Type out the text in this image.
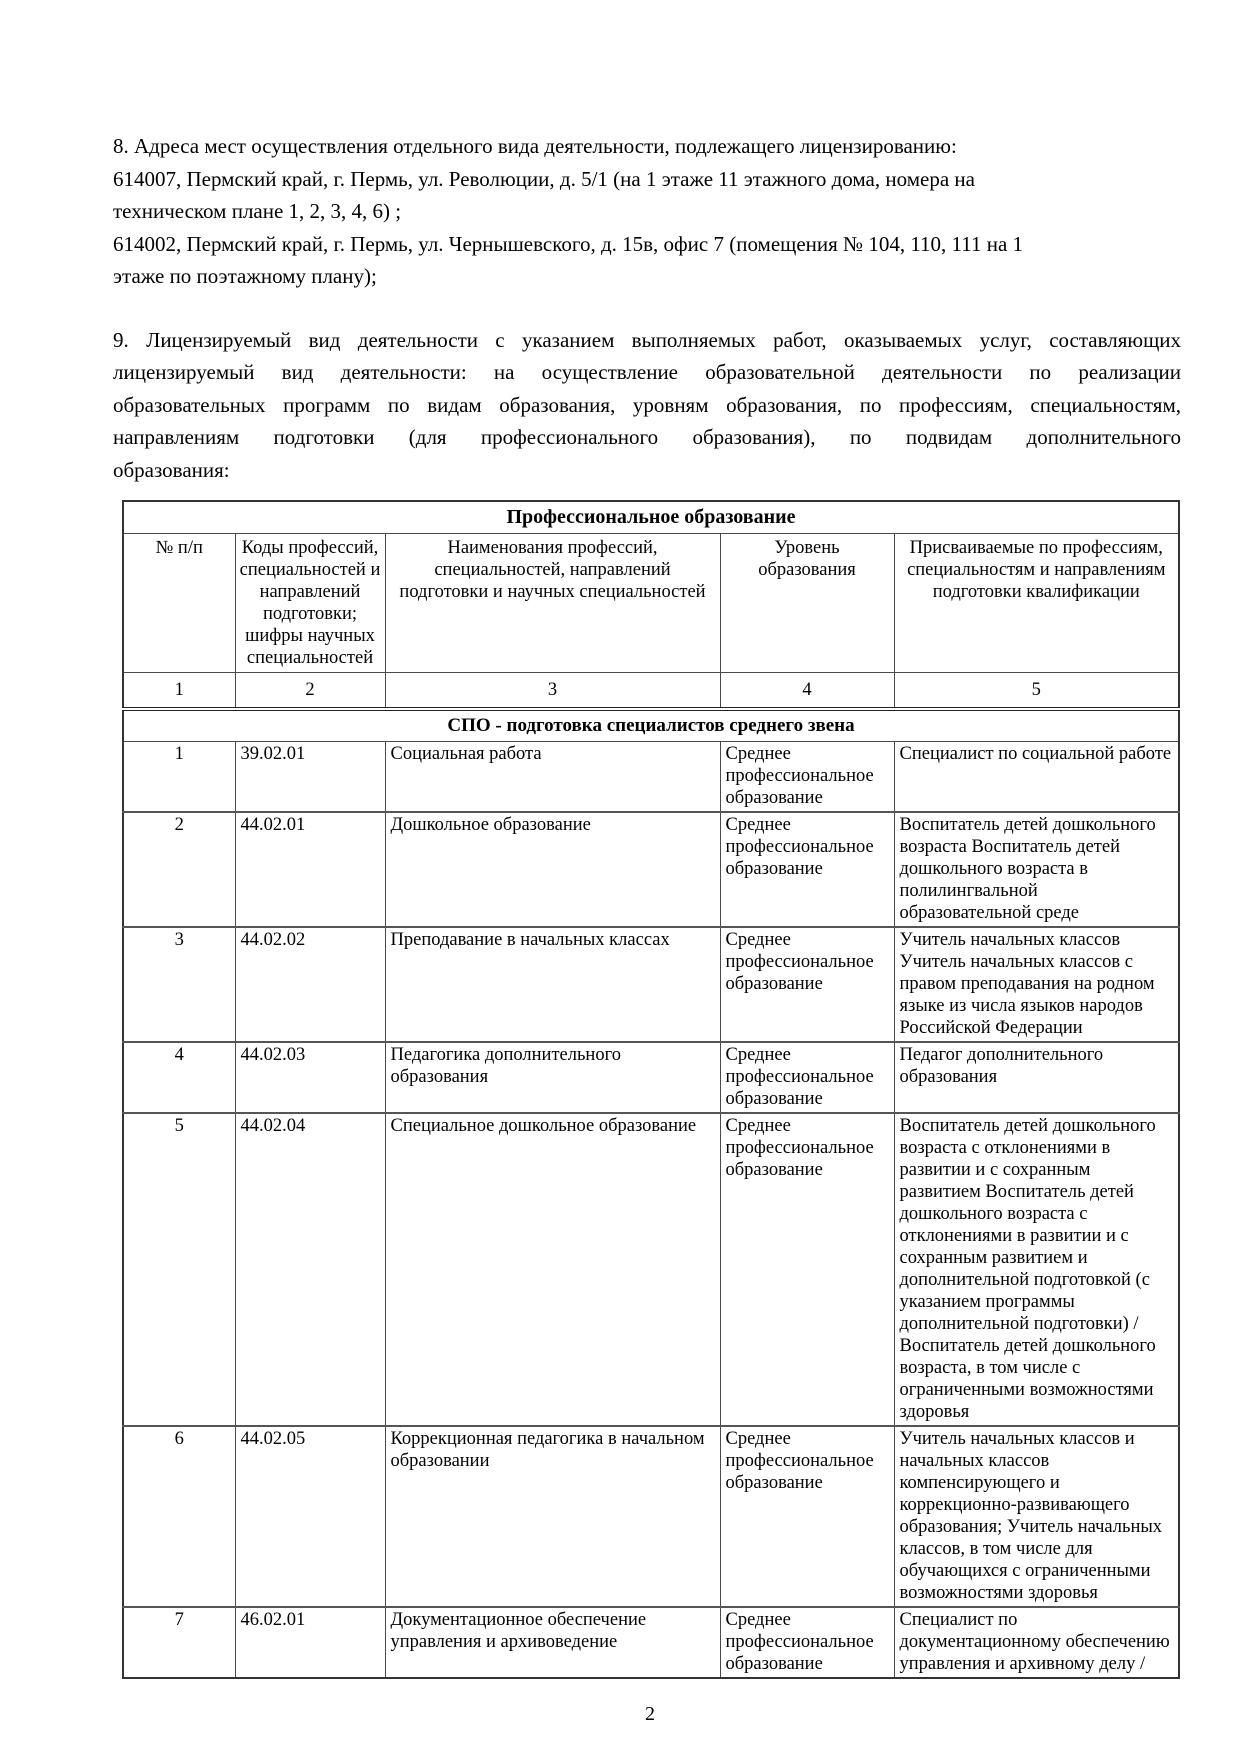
8. Адреса мест осуществления отдельного вида деятельности, подлежащего лицензированию:
614007, Пермский край, г. Пермь, ул. Революции, д. 5/1 (на 1 этаже 11 этажного дома, номера на
техническом плане 1, 2, 3, 4, 6) ;
614002, Пермский край, г. Пермь, ул. Чернышевского, д. 15в, офис 7 (помещения № 104, 110, 111 на 1
этаже по поэтажному плану);
9. Лицензируемый вид деятельности с указанием выполняемых работ, оказываемых услуг, составляющих
лицензируемый вид деятельности: на осуществление образовательной деятельности по реализации
образовательных программ по видам образования, уровням образования, по профессиям, специальностям,
направлениям подготовки (для профессионального образования), по подвидам дополнительного
образования:
Профессиональное образование				
№ п/п	Коды профессий, специальностей и направлений подготовки; шифры научных специальностей	Наименования профессий, специальностей, направлений подготовки и научных специальностей	Уровень образования	Присваиваемые по профессиям, специальностям и направлениям подготовки квалификации
1	2	3	4	5
СПО - подготовка специалистов среднего звена				
1	39.02.01	Социальная работа	Среднее профессиональное образование	Специалист по социальной работе
2	44.02.01	Дошкольное образование	Среднее профессиональное образование	Воспитатель детей дошкольного возраста Воспитатель детей дошкольного возраста в полилингвальной образовательной среде
3	44.02.02	Преподавание в начальных классах	Среднее профессиональное образование	Учитель начальных классов Учитель начальных классов с правом преподавания на родном языке из числа языков народов Российской Федерации
4	44.02.03	Педагогика дополнительного образования	Среднее профессиональное образование	Педагог дополнительного образования
5	44.02.04	Специальное дошкольное образование	Среднее профессиональное образование	Воспитатель детей дошкольного возраста с отклонениями в развитии и с сохранным развитием Воспитатель детей дошкольного возраста с отклонениями в развитии и с сохранным развитием и дополнительной подготовкой (с указанием программы дополнительной подготовки) / Воспитатель детей дошкольного возраста, в том числе с ограниченными возможностями здоровья
6	44.02.05	Коррекционная педагогика в начальном образовании	Среднее профессиональное образование	Учитель начальных классов и начальных классов компенсирующего и коррекционно-развивающего образования; Учитель начальных классов, в том числе для обучающихся с ограниченными возможностями здоровья
7	46.02.01	Документационное обеспечение управления и архивоведение	Среднее профессиональное образование	Специалист по документационному обеспечению управления и архивному делу /
2
